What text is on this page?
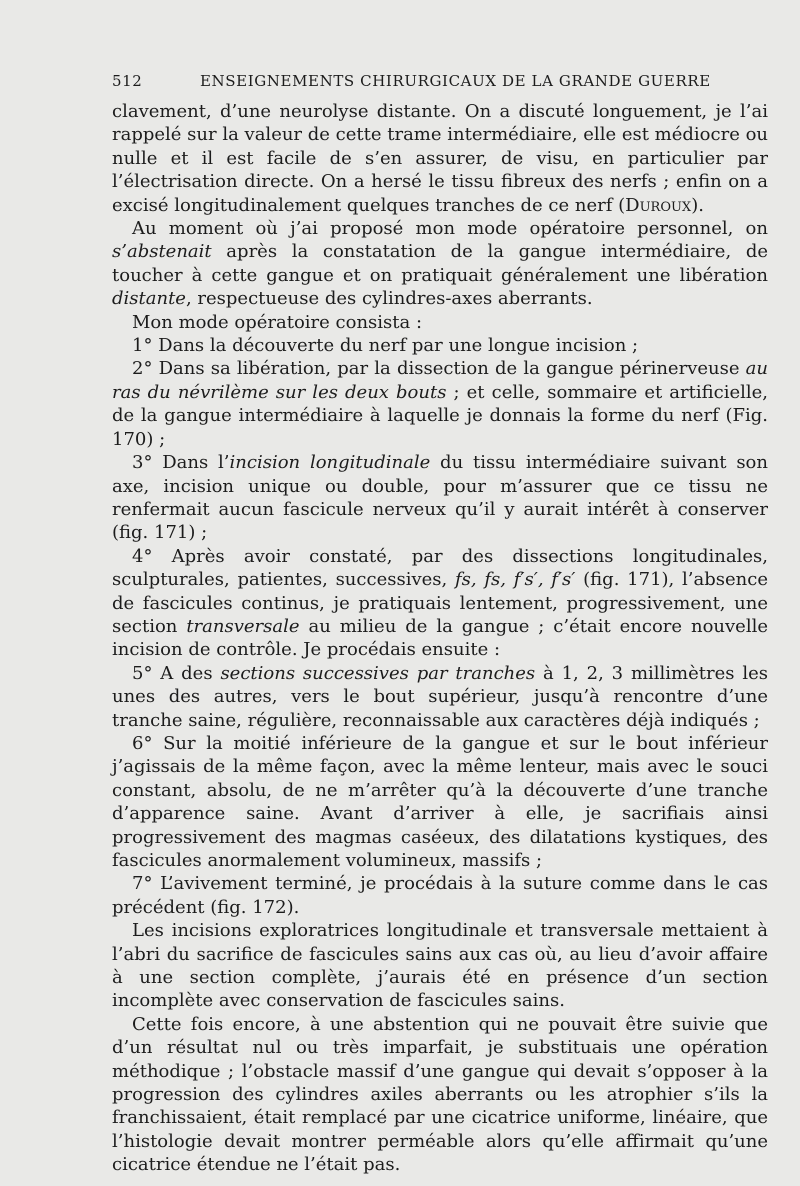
512	ENSEIGNEMENTS CHIRURGICAUX DE LA GRANDE GUERRE

clavement, d’une neurolyse distante. On a discuté longuement, je l’ai rappelé sur la valeur de cette trame intermédiaire, elle est médiocre ou nulle et il est facile de s’en assurer, de visu, en particulier par l’électrisation directe. On a hersé le tissu fibreux des nerfs ; enfin on a excisé longitudinalement quelques tranches de ce nerf (Duroux).

Au moment où j’ai proposé mon mode opératoire personnel, on s’abstenait après la constatation de la gangue intermédiaire, de toucher à cette gangue et on pratiquait généralement une libération distante, respectueuse des cylindres-axes aberrants.

Mon mode opératoire consista :

1° Dans la découverte du nerf par une longue incision ;

2° Dans sa libération, par la dissection de la gangue périnerveuse au ras du névrilème sur les deux bouts ; et celle, sommaire et artificielle, de la gangue intermédiaire à laquelle je donnais la forme du nerf (Fig. 170) ;

3° Dans l’incision longitudinale du tissu intermédiaire suivant son axe, incision unique ou double, pour m’assurer que ce tissu ne renfermait aucun fascicule nerveux qu’il y aurait intérêt à conserver (fig. 171) ;

4° Après avoir constaté, par des dissections longitudinales, sculpturales, patientes, successives, fs, fs, f′s′, f′s′ (fig. 171), l’absence de fascicules continus, je pratiquais lentement, progressivement, une section transversale au milieu de la gangue ; c’était encore nouvelle incision de contrôle. Je procédais ensuite :

5° A des sections successives par tranches à 1, 2, 3 millimètres les unes des autres, vers le bout supérieur, jusqu’à rencontre d’une tranche saine, régulière, reconnaissable aux caractères déjà indiqués ;

6° Sur la moitié inférieure de la gangue et sur le bout inférieur j’agissais de la même façon, avec la même lenteur, mais avec le souci constant, absolu, de ne m’arrêter qu’à la découverte d’une tranche d’apparence saine. Avant d’arriver à elle, je sacrifiais ainsi progressivement des magmas caséeux, des dilatations kystiques, des fascicules anormalement volumineux, massifs ;

7° L’avivement terminé, je procédais à la suture comme dans le cas précédent (fig. 172).

Les incisions exploratrices longitudinale et transversale mettaient à l’abri du sacrifice de fascicules sains aux cas où, au lieu d’avoir affaire à une section complète, j’aurais été en présence d’un section incomplète avec conservation de fascicules sains.

Cette fois encore, à une abstention qui ne pouvait être suivie que d’un résultat nul ou très imparfait, je substituais une opération méthodique ; l’obstacle massif d’une gangue qui devait s’opposer à la progression des cylindres axiles aberrants ou les atrophier s’ils la franchissaient, était remplacé par une cicatrice uniforme, linéaire, que l’histologie devait montrer perméable alors qu’elle affirmait qu’une cicatrice étendue ne l’était pas.
